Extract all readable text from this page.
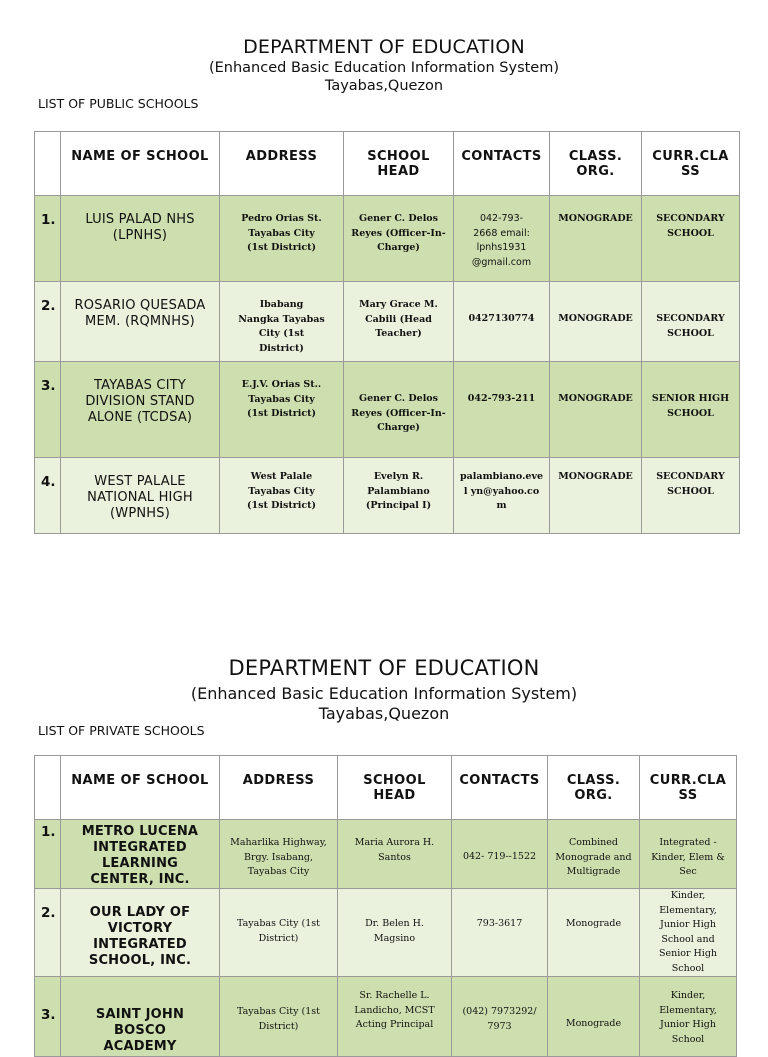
DEPARTMENT OF EDUCATION
(Enhanced Basic Education Information System)
Tayabas,Quezon
LIST OF PUBLIC SCHOOLS
	NAME OF SCHOOL	ADDRESS	SCHOOL HEAD	CONTACTS	CLASS. ORG.	CURR.CLA SS
1.	LUIS PALAD NHS (LPNHS)	Pedro Orias St. Tayabas City (1st District)	Gener C. Delos Reyes (Officer-In-Charge)	042-793-2668 email: lpnhs1931 @gmail.com	MONOGRADE	SECONDARY SCHOOL
2.	ROSARIO QUESADA MEM. (RQMNHS)	Ibabang Nangka Tayabas City (1st District)	Mary Grace M. Cabili (Head Teacher)	0427130774	MONOGRADE	SECONDARY SCHOOL
3.	TAYABAS CITY DIVISION STAND ALONE (TCDSA)	E.J.V. Orias St.. Tayabas City (1st District)	Gener C. Delos Reyes (Officer-In-Charge)	042-793-211	MONOGRADE	SENIOR HIGH SCHOOL
4.	WEST PALALE NATIONAL HIGH (WPNHS)	West Palale Tayabas City (1st District)	Evelyn R. Palambiano (Principal I)	palambiano.evel yn@yahoo.com	MONOGRADE	SECONDARY SCHOOL
DEPARTMENT OF EDUCATION
(Enhanced Basic Education Information System)
Tayabas,Quezon
LIST OF PRIVATE SCHOOLS
	NAME OF SCHOOL	ADDRESS	SCHOOL HEAD	CONTACTS	CLASS. ORG.	CURR.CLA SS
1.	METRO LUCENA INTEGRATED LEARNING CENTER, INC.	Maharlika Highway, Brgy. Isabang, Tayabas City	Maria Aurora H. Santos	042- 719--1522	Combined Monograde and Multigrade	Integrated - Kinder, Elem & Sec
2.	OUR LADY OF VICTORY INTEGRATED SCHOOL, INC.	Tayabas City (1st District)	Dr. Belen H. Magsino	793-3617	Monograde	Kinder, Elementary, Junior High School and Senior High School
3.	SAINT JOHN BOSCO ACADEMY	Tayabas City (1st District)	Sr. Rachelle L. Landicho, MCST Acting Principal	(042) 7973292/7973	Monograde	Kinder, Elementary, Junior High School
